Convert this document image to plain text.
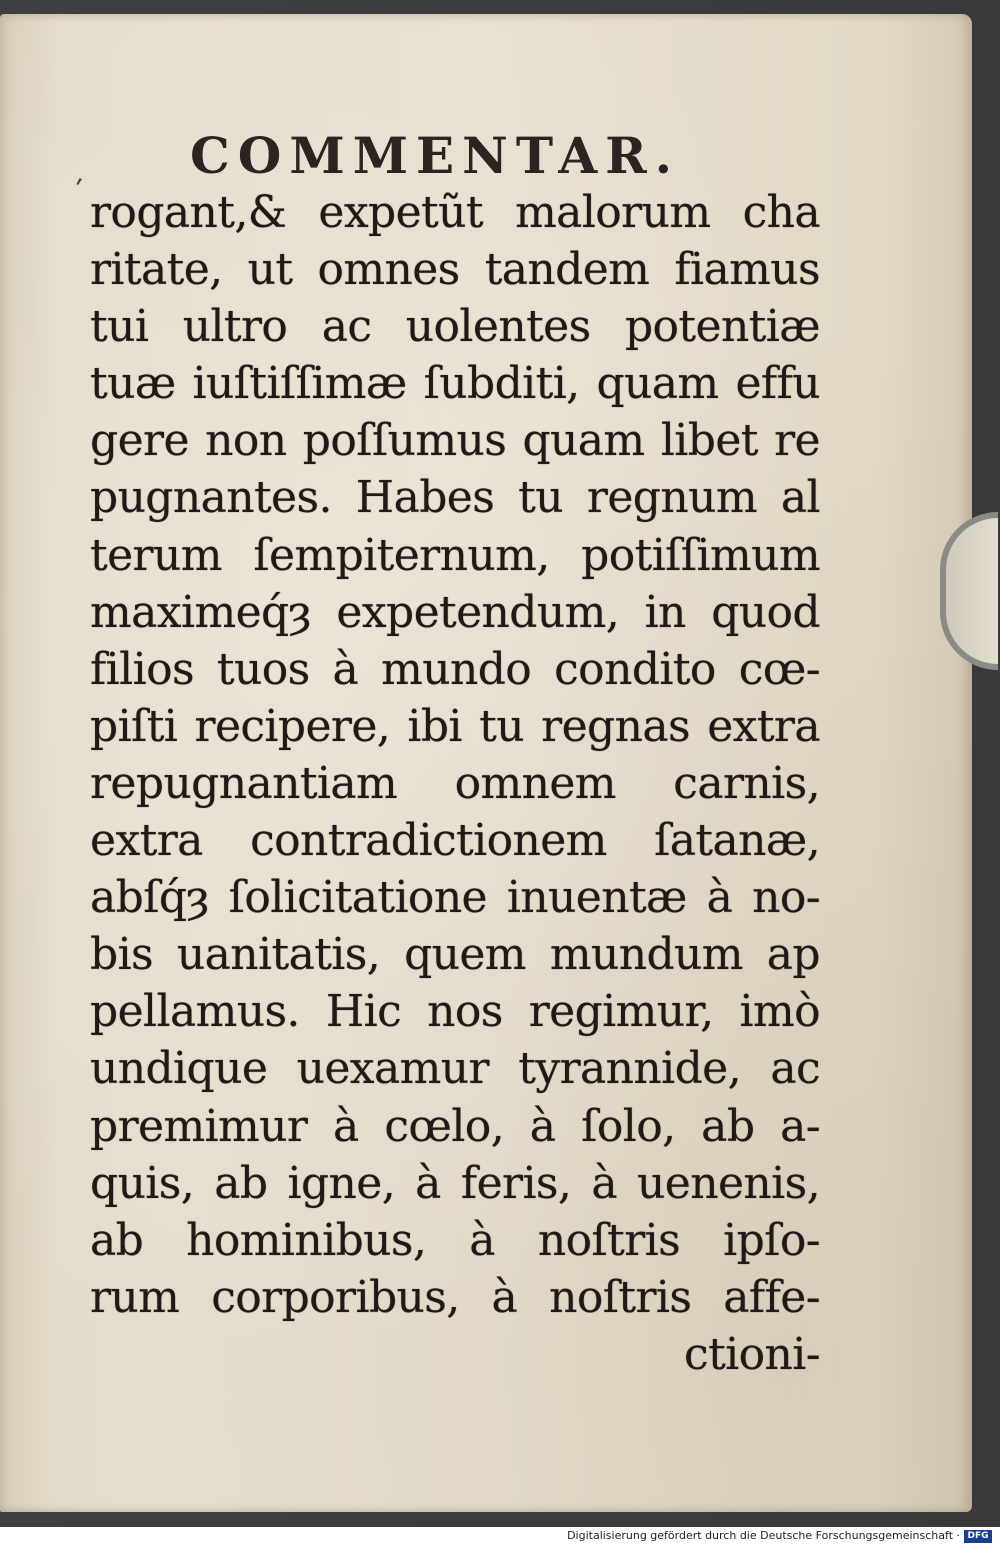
COMMENTAR.
ʹ rogant,& expetũt malorum cha
ritate, ut omnes tandem fiamus
tui ultro ac uolentes potentiæ
tuæ iuſtiſſimæ ſubditi, quam effu
gere non poſſumus quam libet re
pugnantes. Habes tu regnum al
terum ſempiternum, potiſſimum
maximeq́ȝ expetendum, in quod
filios tuos à mundo condito cœ-
piſti recipere, ibi tu regnas extra
repugnantiam omnem carnis,
extra contradictionem ſatanæ,
abſq́ȝ ſolicitatione inuentæ à no-
bis uanitatis, quem mundum ap
pellamus. Hic nos regimur, imò
undique uexamur tyrannide, ac
premimur à cœlo, à ſolo, ab a-
quis, ab igne, à feris, à uenenis,
ab hominibus, à noſtris ipſo-
rum corporibus, à noſtris affe-
ctioni-
Digitalisierung gefördert durch die Deutsche Forschungsgemeinschaft · DFG
